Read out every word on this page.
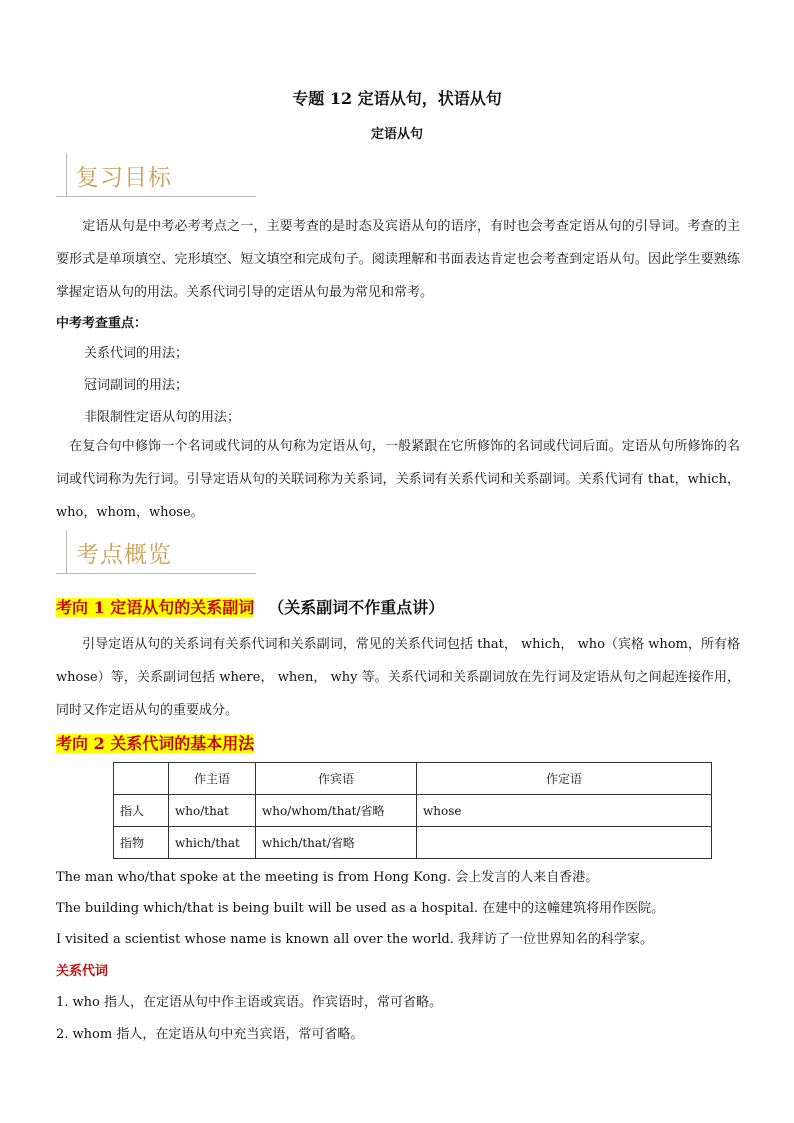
专题 12 定语从句，状语从句
定语从句
复习目标
　　定语从句是中考必考考点之一，主要考查的是时态及宾语从句的语序，有时也会考查定语从句的引导词。考查的主要形式是单项填空、完形填空、短文填空和完成句子。阅读理解和书面表达肯定也会考查到定语从句。因此学生要熟练掌握定语从句的用法。关系代词引导的定语从句最为常见和常考。
中考考查重点：
关系代词的用法；
冠词副词的用法；
非限制性定语从句的用法；
　在复合句中修饰一个名词或代词的从句称为定语从句，一般紧跟在它所修饰的名词或代词后面。定语从句所修饰的名词或代词称为先行词。引导定语从句的关联词称为关系词，关系词有关系代词和关系副词。关系代词有 that，which，who，whom，whose。
考点概览
考向 1 定语从句的关系副词 （关系副词不作重点讲）
　　引导定语从句的关系词有关系代词和关系副词，常见的关系代词包括 that， which， who（宾格 whom，所有格 whose）等，关系副词包括 where， when， why 等。关系代词和关系副词放在先行词及定语从句之间起连接作用，同时又作定语从句的重要成分。
考向 2 关系代词的基本用法
	作主语	作宾语	作定语
指人	who/that	who/whom/that/省略	whose
指物	which/that	which/that/省略	
The man who/that spoke at the meeting is from Hong Kong. 会上发言的人来自香港。
The building which/that is being built will be used as a hospital. 在建中的这幢建筑将用作医院。
I visited a scientist whose name is known all over the world. 我拜访了一位世界知名的科学家。
关系代词
1. who 指人，在定语从句中作主语或宾语。作宾语时，常可省略。
2. whom 指人，在定语从句中充当宾语，常可省略。
